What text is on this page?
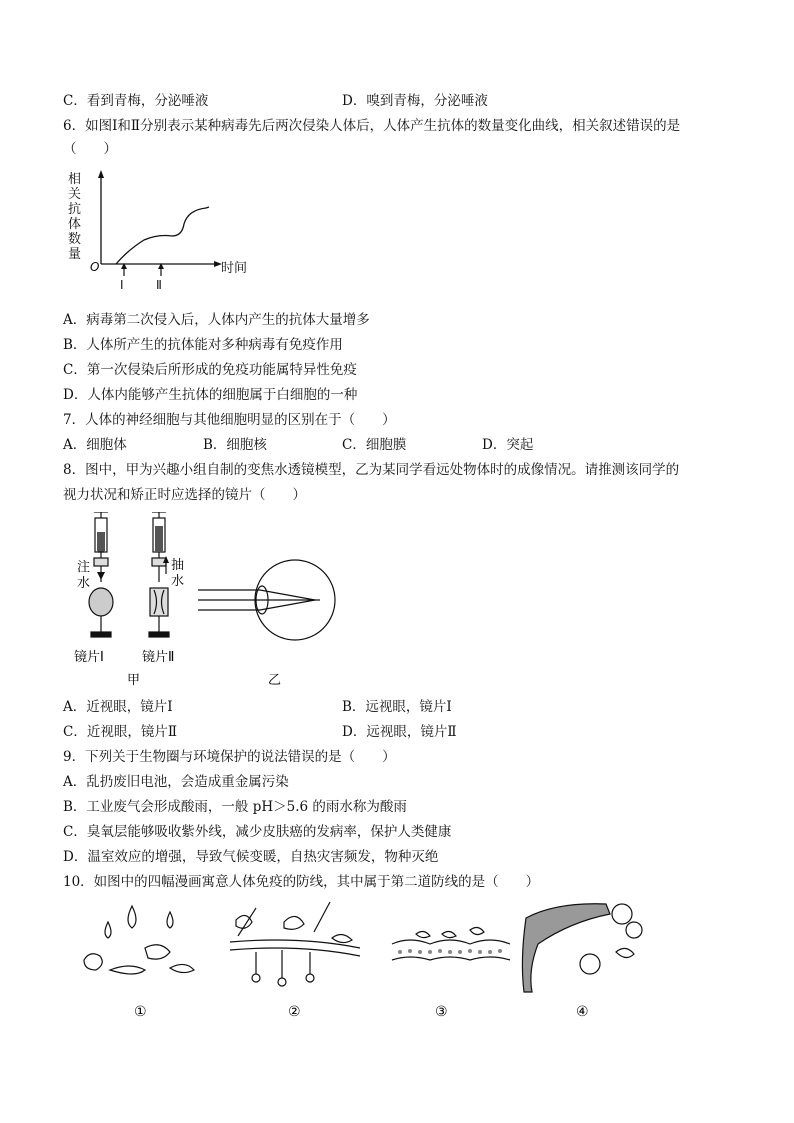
C．看到青梅，分泌唾液	D．嗅到青梅，分泌唾液
6．如图Ⅰ和Ⅱ分别表示某种病毒先后两次侵染人体后，人体产生抗体的数量变化曲线，相关叙述错误的是
（　　）
相
关
抗
体
数
量
O	时间
Ⅰ	Ⅱ
A．病毒第二次侵入后，人体内产生的抗体大量增多
B．人体所产生的抗体能对多种病毒有免疫作用
C．第一次侵染后所形成的免疫功能属特异性免疫
D．人体内能够产生抗体的细胞属于白细胞的一种
7．人体的神经细胞与其他细胞明显的区别在于（　　）
A．细胞体	B．细胞核	C．细胞膜	D．突起
8．图中，甲为兴趣小组自制的变焦水透镜模型，乙为某同学看远处物体时的成像情况。请推测该同学的
视力状况和矫正时应选择的镜片（　　）
注
水
抽
水
镜片Ⅰ	镜片Ⅱ
甲	乙
A．近视眼，镜片Ⅰ	B．远视眼，镜片Ⅰ
C．近视眼，镜片Ⅱ	D．远视眼，镜片Ⅱ
9．下列关于生物圈与环境保护的说法错误的是（　　）
A．乱扔废旧电池，会造成重金属污染
B．工业废气会形成酸雨，一般 pH＞5.6 的雨水称为酸雨
C．臭氧层能够吸收紫外线，减少皮肤癌的发病率，保护人类健康
D．温室效应的增强，导致气候变暖，自热灾害频发，物种灭绝
10．如图中的四幅漫画寓意人体免疫的防线，其中属于第二道防线的是（　　）
①	②	③	④
